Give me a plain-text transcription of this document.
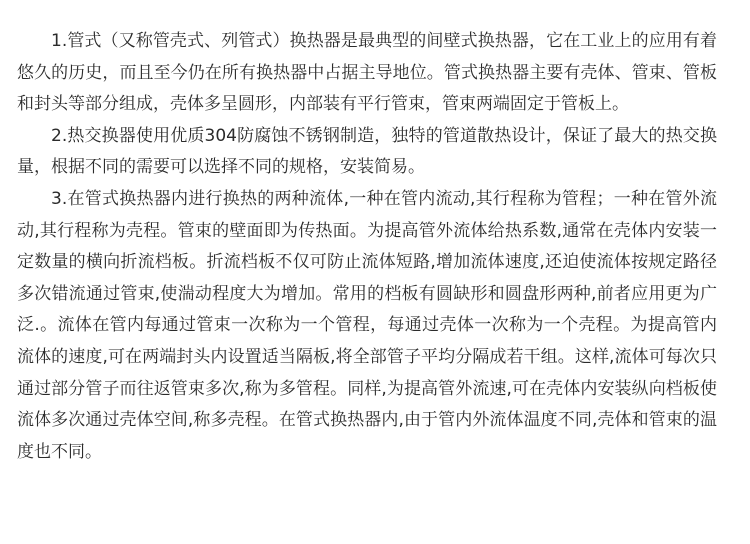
1.管式（又称管壳式、列管式）换热器是最典型的间壁式换热器，它在工业上的应用有着悠久的历史，而且至今仍在所有换热器中占据主导地位。管式换热器主要有壳体、管束、管板和封头等部分组成，壳体多呈圆形，内部装有平行管束，管束两端固定于管板上。

2.热交换器使用优质304防腐蚀不锈钢制造，独特的管道散热设计，保证了最大的热交换量，根据不同的需要可以选择不同的规格，安装简易。

3.在管式换热器内进行换热的两种流体,一种在管内流动,其行程称为管程；一种在管外流动,其行程称为壳程。管束的壁面即为传热面。为提高管外流体给热系数,通常在壳体内安装一定数量的横向折流档板。折流档板不仅可防止流体短路,增加流体速度,还迫使流体按规定路径多次错流通过管束,使湍动程度大为增加。常用的档板有圆缺形和圆盘形两种,前者应用更为广泛.。流体在管内每通过管束一次称为一个管程，每通过壳体一次称为一个壳程。为提高管内流体的速度,可在两端封头内设置适当隔板,将全部管子平均分隔成若干组。这样,流体可每次只通过部分管子而往返管束多次,称为多管程。同样,为提高管外流速,可在壳体内安装纵向档板使流体多次通过壳体空间,称多壳程。在管式换热器内,由于管内外流体温度不同,壳体和管束的温度也不同。
